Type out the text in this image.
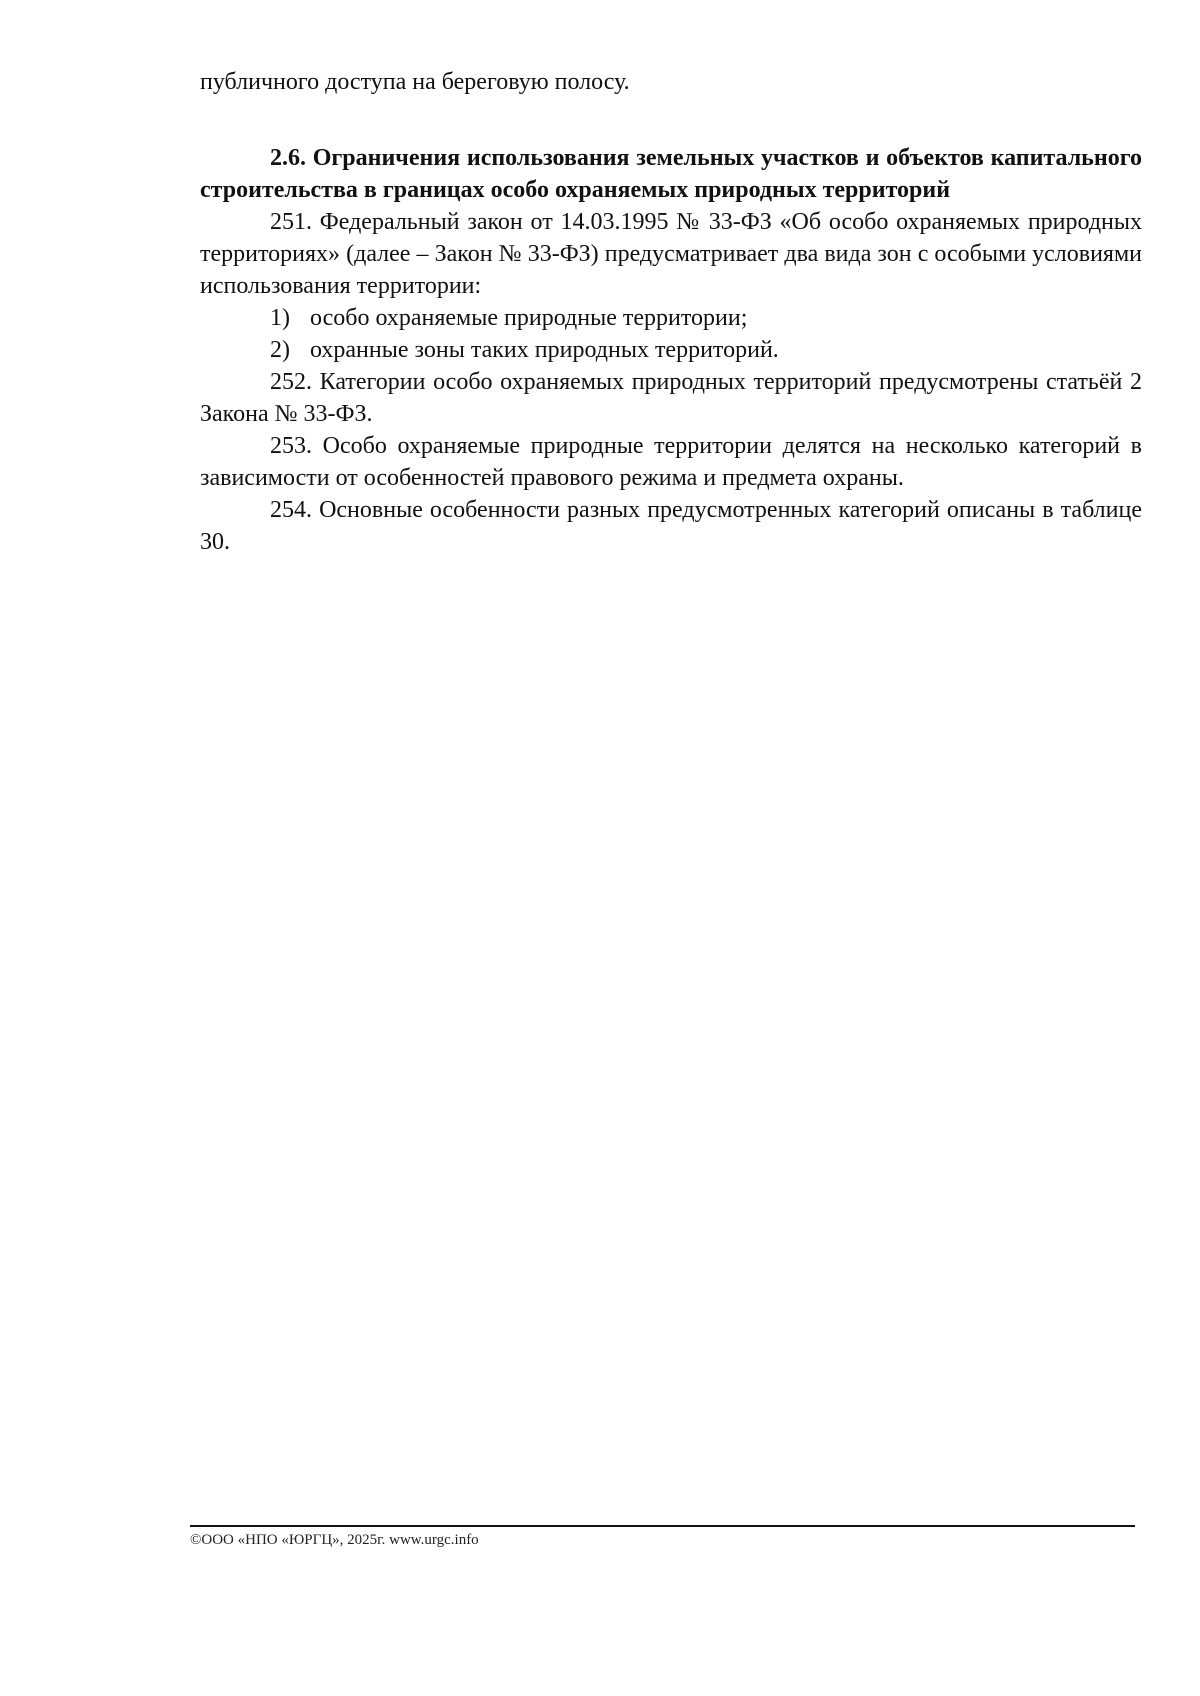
публичного доступа на береговую полосу.

2.6. Ограничения использования земельных участков и объектов капитального строительства в границах особо охраняемых природных территорий

251. Федеральный закон от 14.03.1995 № 33-ФЗ «Об особо охраняемых природных территориях» (далее – Закон № 33-ФЗ) предусматривает два вида зон с особыми условиями использования территории:

1) особо охраняемые природные территории;
2) охранные зоны таких природных территорий.

252. Категории особо охраняемых природных территорий предусмотрены статьёй 2 Закона № 33-ФЗ.

253. Особо охраняемые природные территории делятся на несколько категорий в зависимости от особенностей правового режима и предмета охраны.

254. Основные особенности разных предусмотренных категорий описаны в таблице 30.

©ООО «НПО «ЮРГЦ», 2025г. www.urgc.info
